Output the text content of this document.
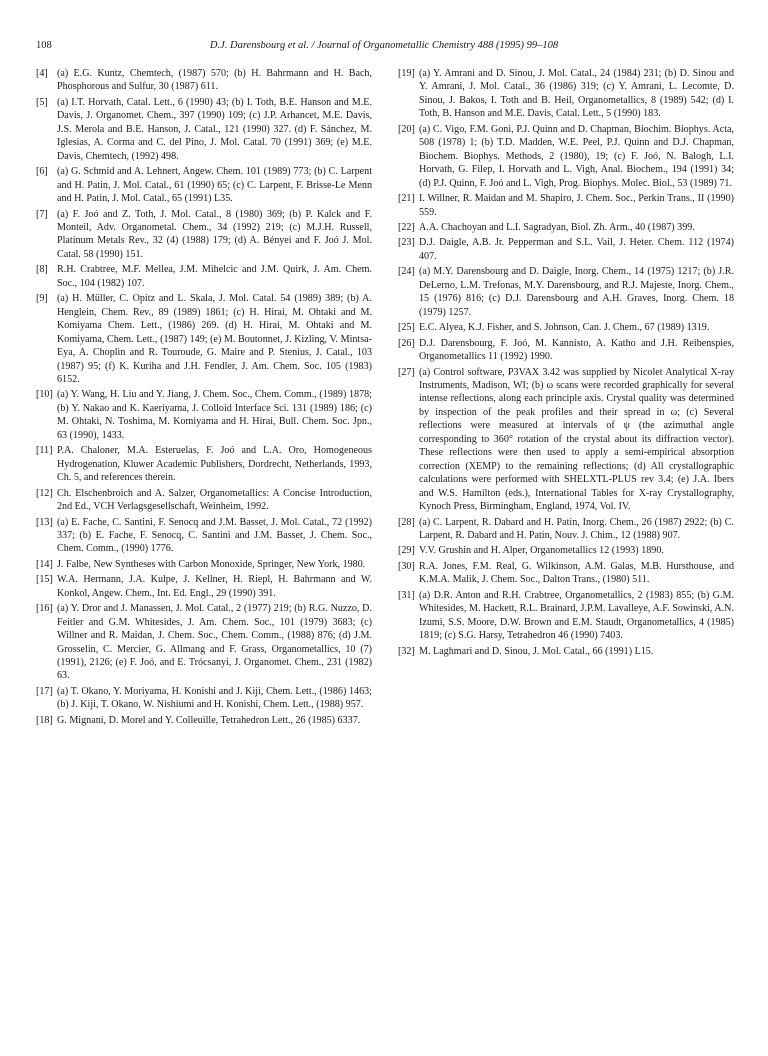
108	D.J. Darensbourg et al. / Journal of Organometallic Chemistry 488 (1995) 99–108
[4] (a) E.G. Kuntz, Chemtech, (1987) 570; (b) H. Bahrmann and H. Bach, Phosphorous and Sulfur, 30 (1987) 611.
[5] (a) I.T. Horvath, Catal. Lett., 6 (1990) 43; (b) I. Toth, B.E. Hanson and M.E. Davis, J. Organomet. Chem., 397 (1990) 109; (c) J.P. Arhancet, M.E. Davis, J.S. Merola and B.E. Hanson, J. Catal., 121 (1990) 327. (d) F. Sánchez, M. Iglesias, A. Corma and C. del Pino, J. Mol. Catal. 70 (1991) 369; (e) M.E. Davis, Chemtech, (1992) 498.
[6] (a) G. Schmid and A. Lehnert, Angew. Chem. 101 (1989) 773; (b) C. Larpent and H. Patin, J. Mol. Catal., 61 (1990) 65; (c) C. Larpent, F. Brisse-Le Menn and H. Patin, J. Mol. Catal., 65 (1991) L35.
[7] (a) F. Joó and Z. Toth, J. Mol. Catal., 8 (1980) 369; (b) P. Kalck and F. Monteil, Adv. Organometal. Chem., 34 (1992) 219; (c) M.J.H. Russell, Platinum Metals Rev., 32 (4) (1988) 179; (d) A. Bényei and F. Joó J. Mol. Catal. 58 (1990) 151.
[8] R.H. Crabtree, M.F. Mellea, J.M. Mihelcic and J.M. Quirk, J. Am. Chem. Soc., 104 (1982) 107.
[9] (a) H. Müller, C. Opitz and L. Skala, J. Mol. Catal. 54 (1989) 389; (b) A. Henglein, Chem. Rev., 89 (1989) 1861; (c) H. Hirai, M. Ohtaki and M. Komiyama Chem. Lett., (1986) 269. (d) H. Hirai, M. Ohtaki and M. Komiyama, Chem. Lett., (1987) 149; (e) M. Boutonnet, J. Kizling, V. Mintsa-Eya, A. Choplin and R. Touroude, G. Maire and P. Stenius, J. Catal., 103 (1987) 95; (f) K. Kuriha and J.H. Fendler, J. Am. Chem. Soc. 105 (1983) 6152.
[10] (a) Y. Wang, H. Liu and Y. Jiang, J. Chem. Soc., Chem. Comm., (1989) 1878; (b) Y. Nakao and K. Kaeriyama, J. Colloid Interface Sci. 131 (1989) 186; (c) M. Ohtaki, N. Toshima, M. Komiyama and H. Hirai, Bull. Chem. Soc. Jpn., 63 (1990), 1433.
[11] P.A. Chaloner, M.A. Esteruelas, F. Joó and L.A. Oro, Homogeneous Hydrogenation, Kluwer Academic Publishers, Dordrecht, Netherlands, 1993, Ch. 5, and references therein.
[12] Ch. Elschenbroich and A. Salzer, Organometallics: A Concise Introduction, 2nd Ed., VCH Verlagsgesellschaft, Weinheim, 1992.
[13] (a) E. Fache, C. Santini, F. Senocq and J.M. Basset, J. Mol. Catal., 72 (1992) 337; (b) E. Fache, F. Senocq, C. Santini and J.M. Basset, J. Chem. Soc., Chem. Comm., (1990) 1776.
[14] J. Falbe, New Syntheses with Carbon Monoxide, Springer, New York, 1980.
[15] W.A. Hermann, J.A. Kulpe, J. Kellner, H. Riepl, H. Bahrmann and W. Konkol, Angew. Chem., Int. Ed. Engl., 29 (1990) 391.
[16] (a) Y. Dror and J. Manassen, J. Mol. Catal., 2 (1977) 219; (b) R.G. Nuzzo, D. Feitler and G.M. Whitesides, J. Am. Chem. Soc., 101 (1979) 3683; (c) Willner and R. Maidan, J. Chem. Soc., Chem. Comm., (1988) 876; (d) J.M. Grosselin, C. Mercier, G. Allmang and F. Grass, Organometallics, 10 (7) (1991), 2126; (e) F. Joó, and E. Trócsanyi, J. Organomet. Chem., 231 (1982) 63.
[17] (a) T. Okano, Y. Moriyama, H. Konishi and J. Kiji, Chem. Lett., (1986) 1463; (b) J. Kiji, T. Okano, W. Nishiumi and H. Konishi, Chem. Lett., (1988) 957.
[18] G. Mignani, D. Morel and Y. Colleuille, Tetrahedron Lett., 26 (1985) 6337.
[19] (a) Y. Amrani and D. Sinou, J. Mol. Catal., 24 (1984) 231; (b) D. Sinou and Y. Amrani, J. Mol. Catal., 36 (1986) 319; (c) Y. Amrani, L. Lecomte, D. Sinou, J. Bakos, I. Toth and B. Heil, Organometallics, 8 (1989) 542; (d) I. Toth, B. Hanson and M.E. Davis, Catal. Lett., 5 (1990) 183.
[20] (a) C. Vigo, F.M. Goni, P.J. Quinn and D. Chapman, Biochim. Biophys. Acta, 508 (1978) 1; (b) T.D. Madden, W.E. Peel, P.J. Quinn and D.J. Chapman, Biochem. Biophys. Methods, 2 (1980), 19; (c) F. Joó, N. Balogh, L.I. Horvath, G. Filep, I. Horvath and L. Vigh, Anal. Biochem., 194 (1991) 34; (d) P.J. Quinn, F. Joó and L. Vigh, Prog. Biophys. Molec. Biol., 53 (1989) 71.
[21] I. Willner, R. Maidan and M. Shapiro, J. Chem. Soc., Perkin Trans., II (1990) 559.
[22] A.A. Chachoyan and L.I. Sagradyan, Biol. Zh. Arm., 40 (1987) 399.
[23] D.J. Daigle, A.B. Jr. Pepperman and S.L. Vail, J. Heter. Chem. 112 (1974) 407.
[24] (a) M.Y. Darensbourg and D. Daigle, Inorg. Chem., 14 (1975) 1217; (b) J.R. DeLerno, L.M. Trefonas, M.Y. Darensbourg, and R.J. Majeste, Inorg. Chem., 15 (1976) 816; (c) D.J. Darensbourg and A.H. Graves, Inorg. Chem. 18 (1979) 1257.
[25] E.C. Alyea, K.J. Fisher, and S. Johnson, Can. J. Chem., 67 (1989) 1319.
[26] D.J. Darensbourg, F. Joó, M. Kannisto, A. Katho and J.H. Reibenspies, Organometallics 11 (1992) 1990.
[27] (a) Control software, P3VAX 3.42 was supplied by Nicolet Analytical X-ray Instruments, Madison, WI; (b) ω scans were recorded graphically for several intense reflections, along each principle axis. Crystal quality was determined by inspection of the peak profiles and their spread in ω; (c) Several reflections were measured at intervals of ψ (the azimuthal angle corresponding to 360° rotation of the crystal about its diffraction vector). These reflections were then used to apply a semi-empirical absorption correction (XEMP) to the remaining reflections; (d) All crystallographic calculations were performed with SHELXTL-PLUS rev 3.4; (e) J.A. Ibers and W.S. Hamilton (eds.), International Tables for X-ray Crystallography, Kynoch Press, Birmingham, England, 1974, Vol. IV.
[28] (a) C. Larpent, R. Dabard and H. Patin, Inorg. Chem., 26 (1987) 2922; (b) C. Larpent, R. Dabard and H. Patin, Nouv. J. Chim., 12 (1988) 907.
[29] V.V. Grushin and H. Alper, Organometallics 12 (1993) 1890.
[30] R.A. Jones, F.M. Real, G. Wilkinson, A.M. Galas, M.B. Hursthouse, and K.M.A. Malik, J. Chem. Soc., Dalton Trans., (1980) 511.
[31] (a) D.R. Anton and R.H. Crabtree, Organometallics, 2 (1983) 855; (b) G.M. Whitesides, M. Hackett, R.L. Brainard, J.P.M. Lavalleye, A.F. Sowinski, A.N. Izumi, S.S. Moore, D.W. Brown and E.M. Staudt, Organometallics, 4 (1985) 1819; (c) S.G. Harsy, Tetrahedron 46 (1990) 7403.
[32] M. Laghmari and D. Sinou, J. Mol. Catal., 66 (1991) L15.
